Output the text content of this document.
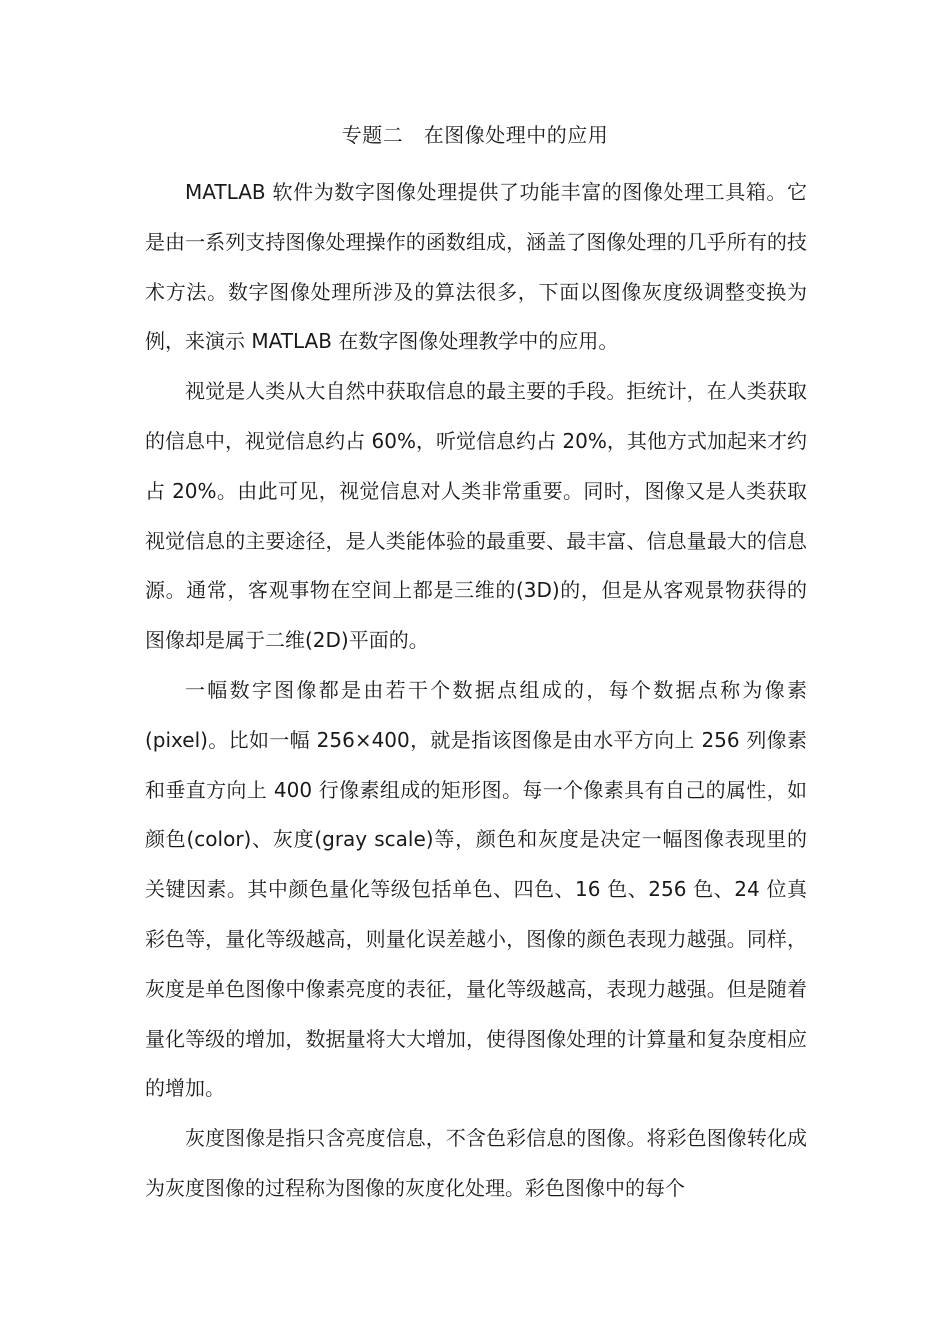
专题二　在图像处理中的应用

MATLAB 软件为数字图像处理提供了功能丰富的图像处理工具箱。它是由一系列支持图像处理操作的函数组成，涵盖了图像处理的几乎所有的技术方法。数字图像处理所涉及的算法很多，下面以图像灰度级调整变换为例，来演示 MATLAB 在数字图像处理教学中的应用。

视觉是人类从大自然中获取信息的最主要的手段。拒统计，在人类获取的信息中，视觉信息约占 60%，听觉信息约占 20%，其他方式加起来才约占 20%。由此可见，视觉信息对人类非常重要。同时，图像又是人类获取视觉信息的主要途径，是人类能体验的最重要、最丰富、信息量最大的信息源。通常，客观事物在空间上都是三维的(3D)的，但是从客观景物获得的图像却是属于二维(2D)平面的。

一幅数字图像都是由若干个数据点组成的，每个数据点称为像素(pixel)。比如一幅 256×400，就是指该图像是由水平方向上 256 列像素和垂直方向上 400 行像素组成的矩形图。每一个像素具有自己的属性，如颜色(color)、灰度(gray scale)等，颜色和灰度是决定一幅图像表现里的关键因素。其中颜色量化等级包括单色、四色、16 色、256 色、24 位真彩色等，量化等级越高，则量化误差越小，图像的颜色表现力越强。同样，灰度是单色图像中像素亮度的表征，量化等级越高，表现力越强。但是随着量化等级的增加，数据量将大大增加，使得图像处理的计算量和复杂度相应的增加。

灰度图像是指只含亮度信息，不含色彩信息的图像。将彩色图像转化成为灰度图像的过程称为图像的灰度化处理。彩色图像中的每个
